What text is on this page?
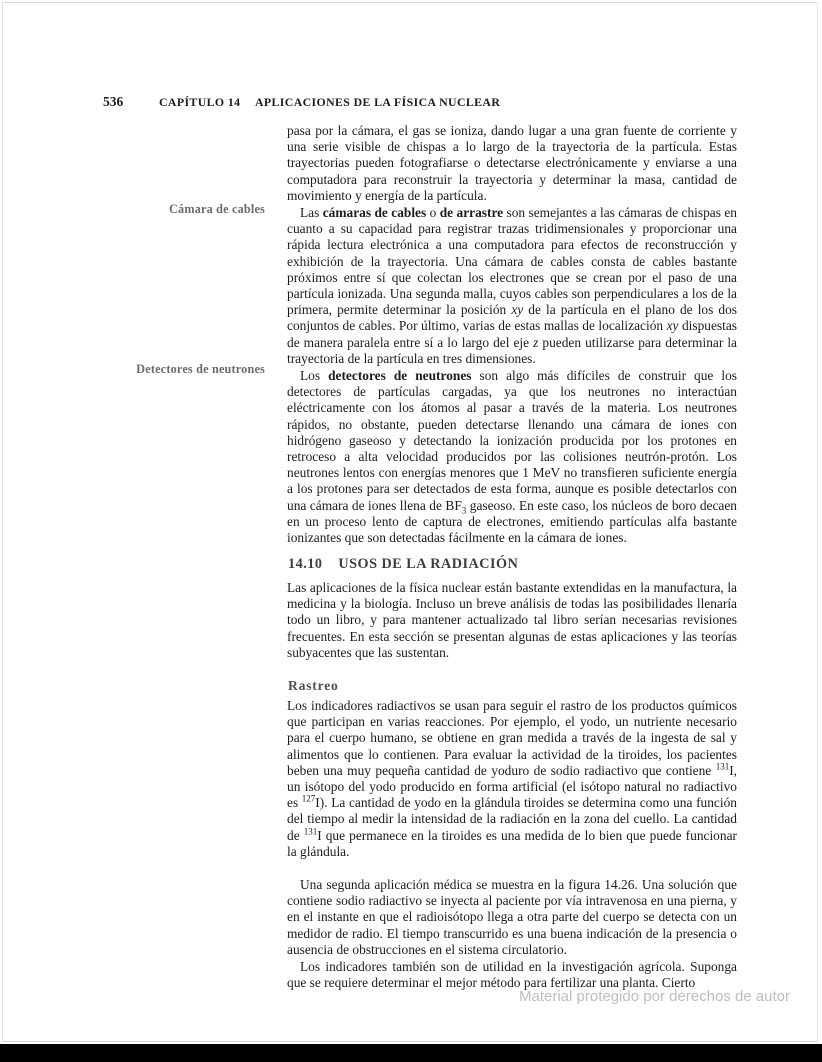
536	CAPÍTULO 14 APLICACIONES DE LA FÍSICA NUCLEAR
Cámara de cables
Detectores de neutrones

pasa por la cámara, el gas se ioniza, dando lugar a una gran fuente de corriente y una serie visible de chispas a lo largo de la trayectoria de la partícula. Estas trayectorias pueden fotografiarse o detectarse electrónicamente y enviarse a una computadora para reconstruir la trayectoria y determinar la masa, cantidad de movimiento y energía de la partícula.

Las cámaras de cables o de arrastre son semejantes a las cámaras de chispas en cuanto a su capacidad para registrar trazas tridimensionales y proporcionar una rápida lectura electrónica a una computadora para efectos de reconstrucción y exhibición de la trayectoria. Una cámara de cables consta de cables bastante próximos entre sí que colectan los electrones que se crean por el paso de una partícula ionizada. Una segunda malla, cuyos cables son perpendiculares a los de la primera, permite determinar la posición xy de la partícula en el plano de los dos conjuntos de cables. Por último, varias de estas mallas de localización xy dispuestas de manera paralela entre sí a lo largo del eje z pueden utilizarse para determinar la trayectoria de la partícula en tres dimensiones.

Los detectores de neutrones son algo más difíciles de construir que los detectores de partículas cargadas, ya que los neutrones no interactúan eléctricamente con los átomos al pasar a través de la materia. Los neutrones rápidos, no obstante, pueden detectarse llenando una cámara de iones con hidrógeno gaseoso y detectando la ionización producida por los protones en retroceso a alta velocidad producidos por las colisiones neutrón-protón. Los neutrones lentos con energías menores que 1 MeV no transfieren suficiente energía a los protones para ser detectados de esta forma, aunque es posible detectarlos con una cámara de iones llena de $BF_3$ gaseoso. En este caso, los núcleos de boro decaen en un proceso lento de captura de electrones, emitiendo partículas alfa bastante ionizantes que son detectadas fácilmente en la cámara de iones.

14.10 USOS DE LA RADIACIÓN

Las aplicaciones de la física nuclear están bastante extendidas en la manufactura, la medicina y la biología. Incluso un breve análisis de todas las posibilidades llenaría todo un libro, y para mantener actualizado tal libro serían necesarias revisiones frecuentes. En esta sección se presentan algunas de estas aplicaciones y las teorías subyacentes que las sustentan.

Rastreo

Los indicadores radiactivos se usan para seguir el rastro de los productos químicos que participan en varias reacciones. Por ejemplo, el yodo, un nutriente necesario para el cuerpo humano, se obtiene en gran medida a través de la ingesta de sal y alimentos que lo contienen. Para evaluar la actividad de la tiroides, los pacientes beben una muy pequeña cantidad de yoduro de sodio radiactivo que contiene $^{131}$I, un isótopo del yodo producido en forma artificial (el isótopo natural no radiactivo es $^{127}$I). La cantidad de yodo en la glándula tiroides se determina como una función del tiempo al medir la intensidad de la radiación en la zona del cuello. La cantidad de $^{131}$I que permanece en la tiroides es una medida de lo bien que puede funcionar la glándula.

Una segunda aplicación médica se muestra en la figura 14.26. Una solución que contiene sodio radiactivo se inyecta al paciente por vía intravenosa en una pierna, y en el instante en que el radioisótopo llega a otra parte del cuerpo se detecta con un medidor de radio. El tiempo transcurrido es una buena indicación de la presencia o ausencia de obstrucciones en el sistema circulatorio.

Los indicadores también son de utilidad en la investigación agrícola. Suponga que se requiere determinar el mejor método para fertilizar una planta. Cierto

Material protegido por derechos de autor
